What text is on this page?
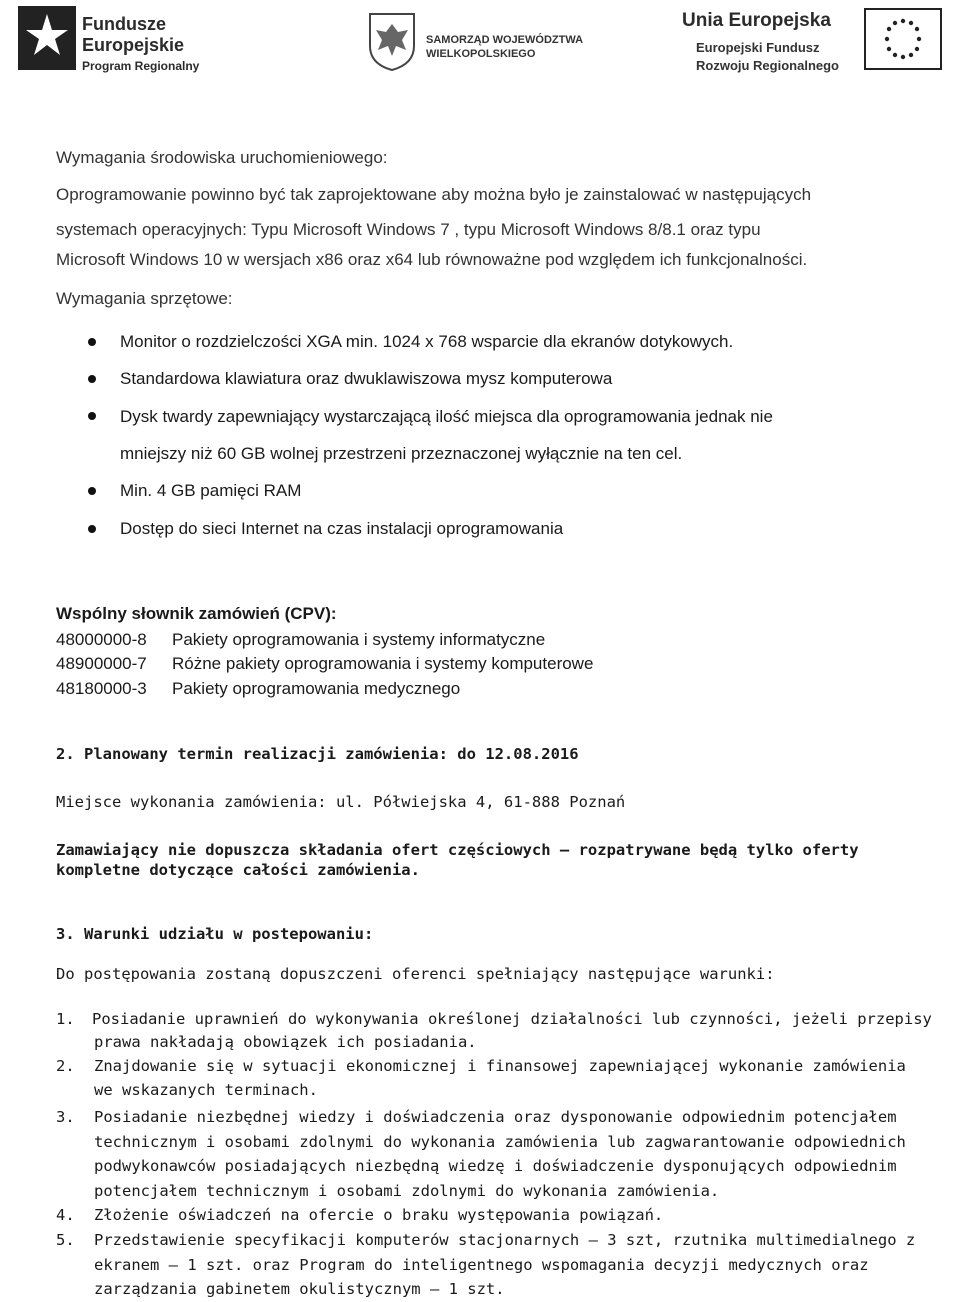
Fundusze
Europejskie
Program Regionalny
SAMORZĄD WOJEWÓDZTWA
WIELKOPOLSKIEGO
Unia Europejska
Europejski Fundusz
Rozwoju Regionalnego
Wymagania środowiska uruchomieniowego:
Oprogramowanie powinno być tak zaprojektowane aby można było je zainstalować w następujących
systemach operacyjnych: Typu Microsoft Windows 7 , typu Microsoft Windows 8/8.1 oraz typu
Microsoft Windows 10 w wersjach x86 oraz x64 lub równoważne pod względem ich funkcjonalności.
Wymagania sprzętowe:
Monitor o rozdzielczości XGA min. 1024 x 768 wsparcie dla ekranów dotykowych.
Standardowa klawiatura oraz dwuklawiszowa mysz komputerowa
Dysk twardy zapewniający wystarczającą ilość miejsca dla oprogramowania jednak nie
mniejszy niż 60 GB wolnej przestrzeni przeznaczonej wyłącznie na ten cel.
Min. 4 GB pamięci RAM
Dostęp do sieci Internet na czas instalacji oprogramowania
Wspólny słownik zamówień (CPV):
48000000-8 Pakiety oprogramowania i systemy informatyczne
48900000-7 Różne pakiety oprogramowania i systemy komputerowe
48180000-3 Pakiety oprogramowania medycznego
2. Planowany termin realizacji zamówienia: do 12.08.2016
Miejsce wykonania zamówienia: ul. Półwiejska 4, 61-888 Poznań
Zamawiający nie dopuszcza składania ofert częściowych – rozpatrywane będą tylko oferty
kompletne dotyczące całości zamówienia.
3. Warunki udziału w postepowaniu:
Do postępowania zostaną dopuszczeni oferenci spełniający następujące warunki:
1. Posiadanie uprawnień do wykonywania określonej działalności lub czynności, jeżeli przepisy
prawa nakładają obowiązek ich posiadania.
2. Znajdowanie się w sytuacji ekonomicznej i finansowej zapewniającej wykonanie zamówienia
we wskazanych terminach.
3. Posiadanie niezbędnej wiedzy i doświadczenia oraz dysponowanie odpowiednim potencjałem
technicznym i osobami zdolnymi do wykonania zamówienia lub zagwarantowanie odpowiednich
podwykonawców posiadających niezbędną wiedzę i doświadczenie dysponujących odpowiednim
potencjałem technicznym i osobami zdolnymi do wykonania zamówienia.
4. Złożenie oświadczeń na ofercie o braku występowania powiązań.
5. Przedstawienie specyfikacji komputerów stacjonarnych – 3 szt, rzutnika multimedialnego z
ekranem – 1 szt. oraz Program do inteligentnego wspomagania decyzji medycznych oraz
zarządzania gabinetem okulistycznym – 1 szt.
